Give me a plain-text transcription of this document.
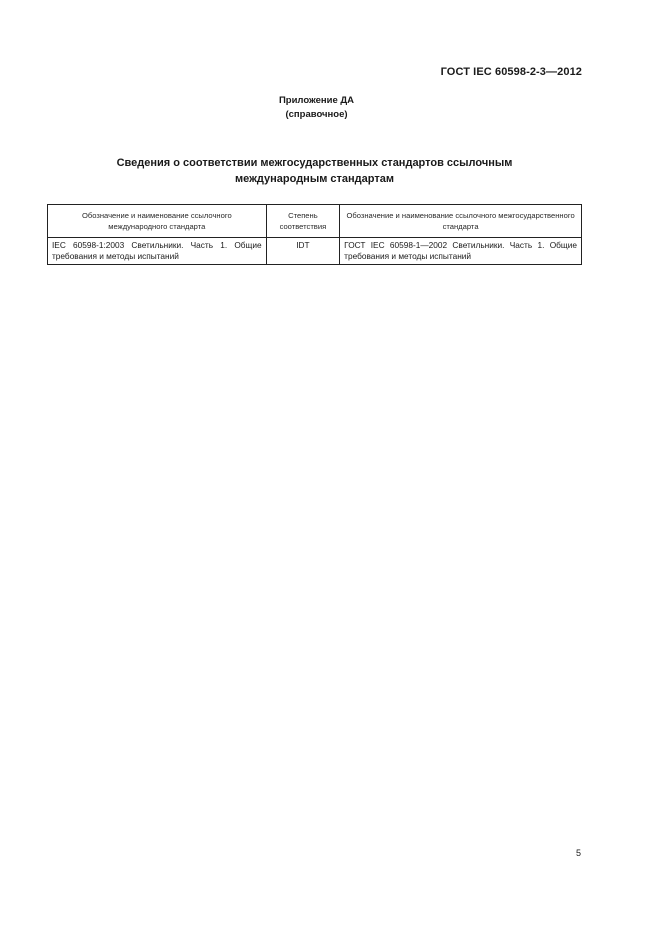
ГОСТ IEC 60598-2-3—2012
Приложение ДА
(справочное)
Сведения о соответствии межгосударственных стандартов ссылочным
международным стандартам
Обозначение и наименование ссылочного международного стандарта	Степень соответствия	Обозначение и наименование ссылочного межгосударственного стандарта
IEC 60598-1:2003 Светильники. Часть 1. Общие требования и методы испытаний	IDT	ГОСТ IEC 60598-1—2002 Светильники. Часть 1. Общие требования и методы испытаний
5
